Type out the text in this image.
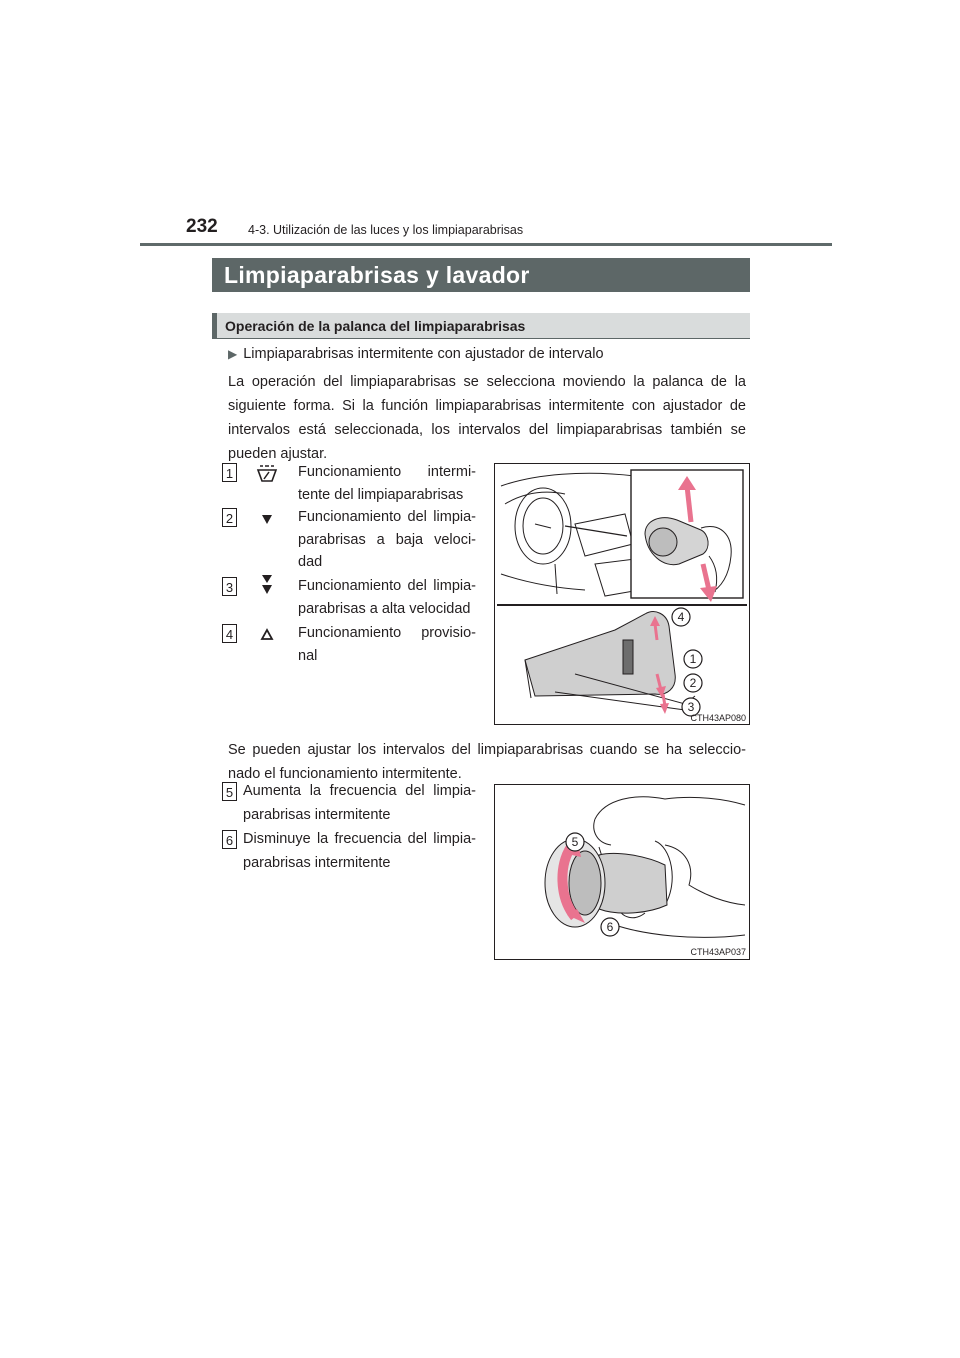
232 4-3. Utilización de las luces y los limpiaparabrisas
Limpiaparabrisas y lavador
Operación de la palanca del limpiaparabrisas
▶ Limpiaparabrisas intermitente con ajustador de intervalo
La operación del limpiaparabrisas se selecciona moviendo la palanca de la siguiente forma. Si la función limpiaparabrisas intermitente con ajustador de intervalos está seleccionada, los intervalos del limpiaparabrisas también se pueden ajustar.
1	Funcionamiento intermi-tente del limpiaparabrisas
2	Funcionamiento del limpia-parabrisas a baja veloci-dad
3	Funcionamiento del limpia-parabrisas a alta velocidad
4	Funcionamiento provisio-nal
4
1
2
3
CTH43AP080
Se pueden ajustar los intervalos del limpiaparabrisas cuando se ha seleccio-nado el funcionamiento intermitente.
5 Aumenta la frecuencia del limpia-parabrisas intermitente
6 Disminuye la frecuencia del limpia-parabrisas intermitente
5
6
CTH43AP037
